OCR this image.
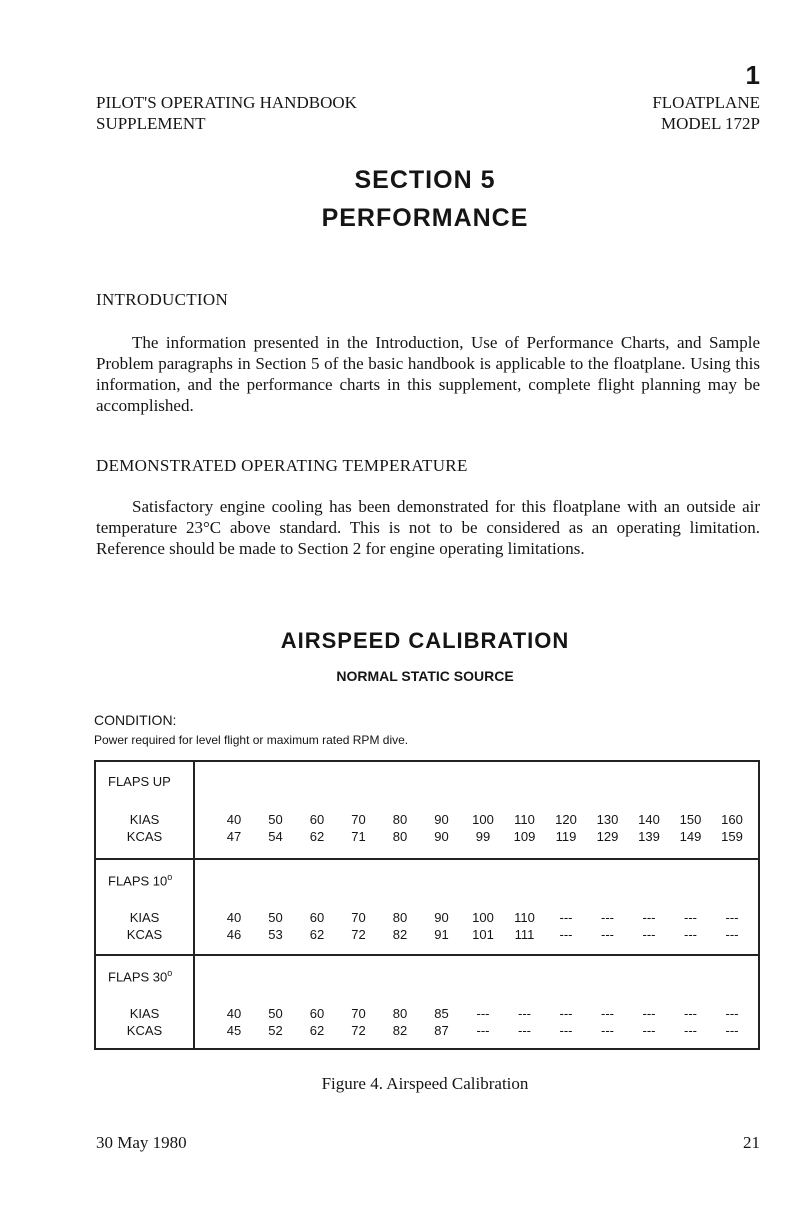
1
PILOT'S OPERATING HANDBOOK
SUPPLEMENT
FLOATPLANE
MODEL 172P
SECTION 5
PERFORMANCE
INTRODUCTION
The information presented in the Introduction, Use of Performance Charts, and Sample Problem paragraphs in Section 5 of the basic handbook is applicable to the floatplane. Using this information, and the performance charts in this supplement, complete flight planning may be accomplished.
DEMONSTRATED OPERATING TEMPERATURE
Satisfactory engine cooling has been demonstrated for this floatplane with an outside air temperature 23°C above standard. This is not to be considered as an operating limitation. Reference should be made to Section 2 for engine operating limitations.
AIRSPEED CALIBRATION
NORMAL STATIC SOURCE
CONDITION:
Power required for level flight or maximum rated RPM dive.
FLAPS UP
KIAS	40	50	60	70	80	90	100	110	120	130	140	150	160
KCAS	47	54	62	71	80	90	99	109	119	129	139	149	159
FLAPS 10$^o$
KIAS	40	50	60	70	80	90	100	110	---	---	---	---	---
KCAS	46	53	62	72	82	91	101	111	---	---	---	---	---
FLAPS 30$^o$
KIAS	40	50	60	70	80	85	---	---	---	---	---	---	---
KCAS	45	52	62	72	82	87	---	---	---	---	---	---	---
Figure 4. Airspeed Calibration
30 May 1980	21
